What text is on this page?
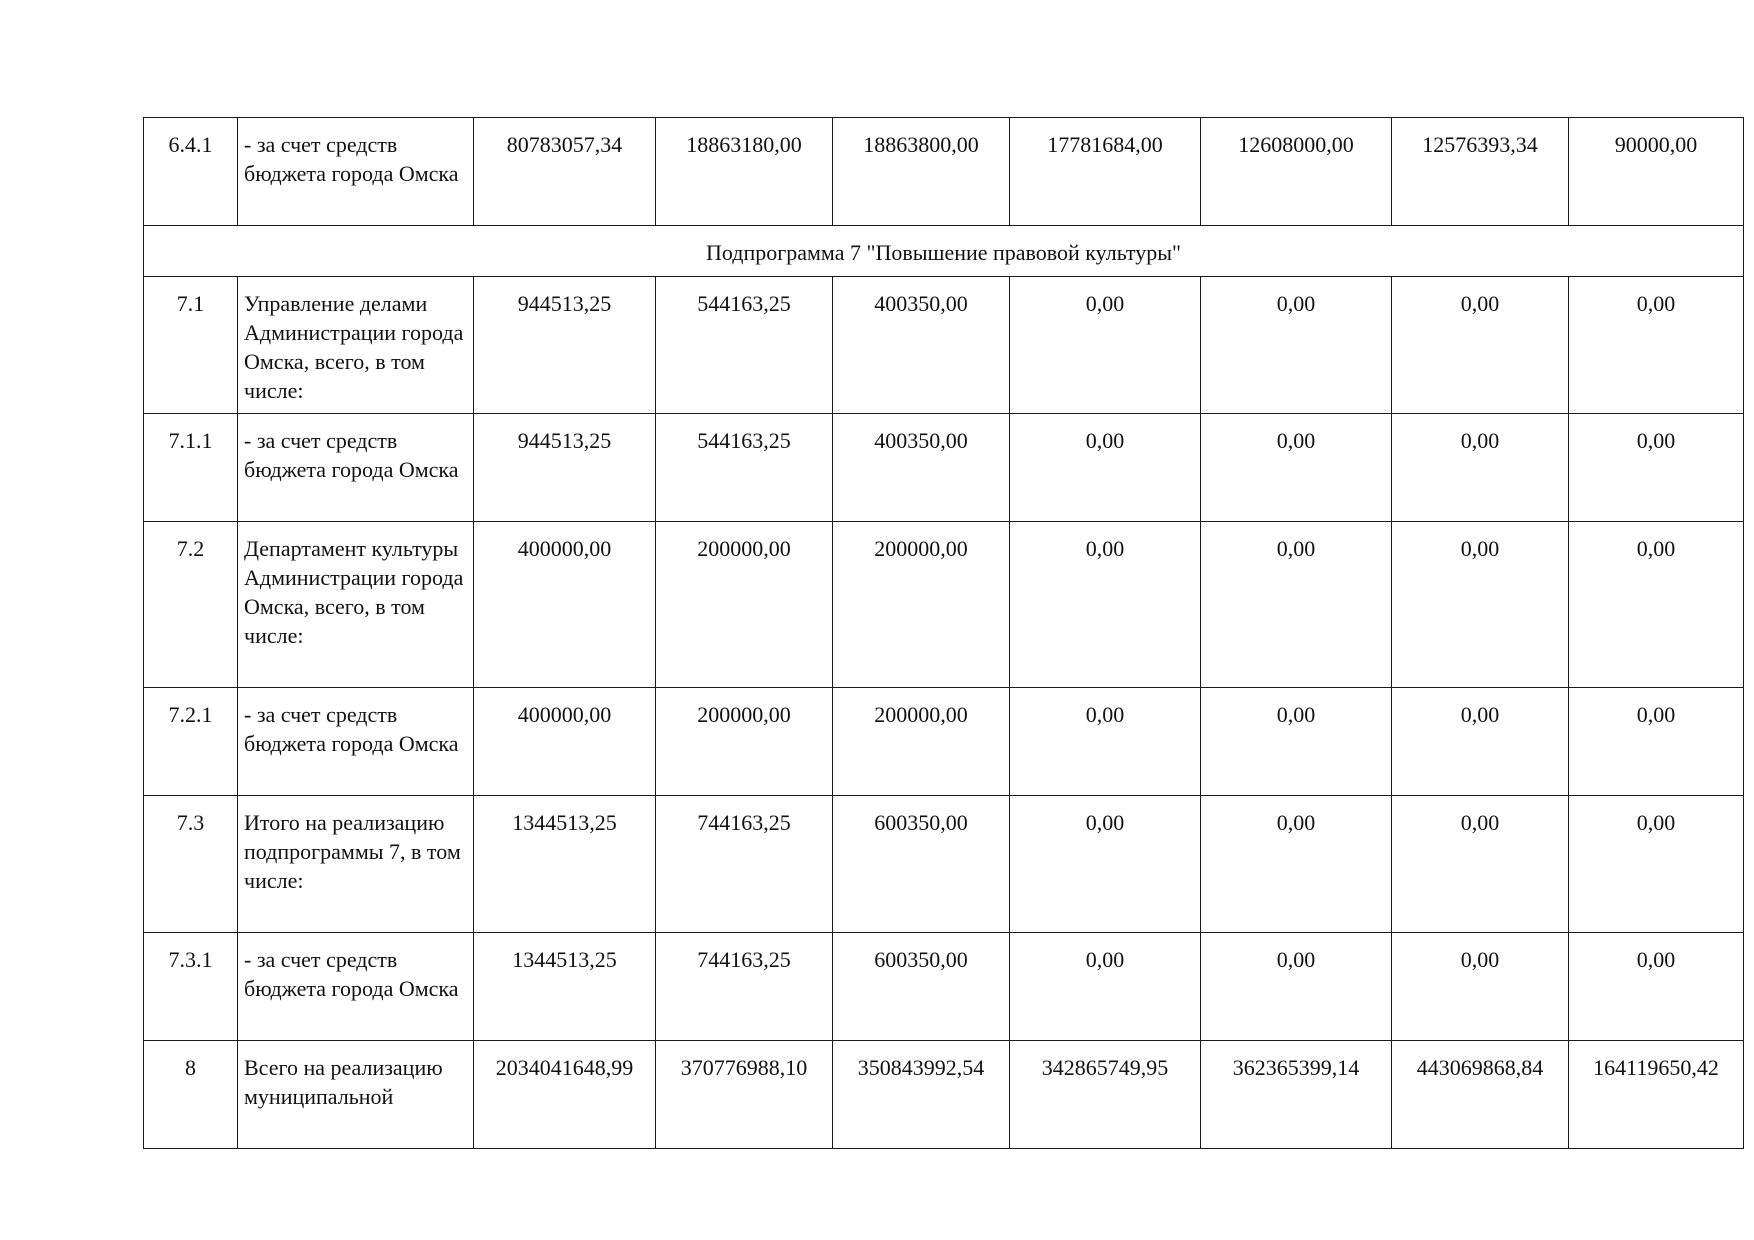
6.4.1	- за счет средств бюджета города Омска	80783057,34	18863180,00	18863800,00	17781684,00	12608000,00	12576393,34	90000,00
Подпрограмма 7 "Повышение правовой культуры"								
7.1	Управление делами Администрации города Омска, всего, в том числе:	944513,25	544163,25	400350,00	0,00	0,00	0,00	0,00
7.1.1	- за счет средств бюджета города Омска	944513,25	544163,25	400350,00	0,00	0,00	0,00	0,00
7.2	Департамент культуры Администрации города Омска, всего, в том числе:	400000,00	200000,00	200000,00	0,00	0,00	0,00	0,00
7.2.1	- за счет средств бюджета города Омска	400000,00	200000,00	200000,00	0,00	0,00	0,00	0,00
7.3	Итого на реализацию подпрограммы 7, в том числе:	1344513,25	744163,25	600350,00	0,00	0,00	0,00	0,00
7.3.1	- за счет средств бюджета города Омска	1344513,25	744163,25	600350,00	0,00	0,00	0,00	0,00
8	Всего на реализацию муниципальной	2034041648,99	370776988,10	350843992,54	342865749,95	362365399,14	443069868,84	164119650,42
